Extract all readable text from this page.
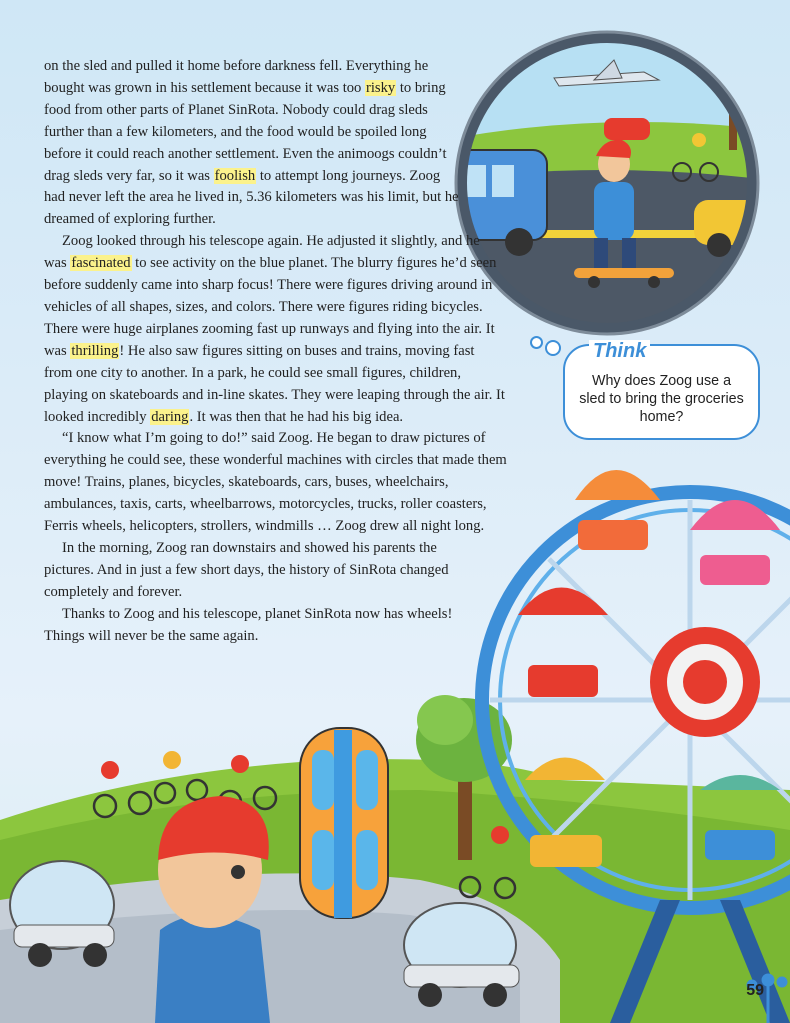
on the sled and pulled it home before darkness fell. Everything he bought was grown in his settlement because it was too risky to bring food from other parts of Planet SinRota. Nobody could drag sleds further than a few kilometers, and the food would be spoiled long before it could reach another settlement. Even the animoogs couldn’t drag sleds very far, so it was foolish to attempt long journeys. Zoog had never left the area he lived in, 5.36 kilometers was his limit, but he dreamed of exploring further.

Zoog looked through his telescope again. He adjusted it slightly, and he was fascinated to see activity on the blue planet. The blurry figures he’d seen before suddenly came into sharp focus! There were figures driving around in vehicles of all shapes, sizes, and colors. There were figures riding bicycles. There were huge airplanes zooming fast up runways and flying into the air. It was thrilling! He also saw figures sitting on buses and trains, moving fast from one city to another. In a park, he could see small figures, children, playing on skateboards and in-line skates. They were leaping through the air. It looked incredibly daring. It was then that he had his big idea.

“I know what I’m going to do!” said Zoog. He began to draw pictures of everything he could see, these wonderful machines with circles that made them move! Trains, planes, bicycles, skateboards, cars, buses, wheelchairs, ambulances, taxis, carts, wheelbarrows, motorcycles, trucks, roller coasters, Ferris wheels, helicopters, strollers, windmills … Zoog drew all night long.

In the morning, Zoog ran downstairs and showed his parents the pictures. And in just a few short days, the history of SinRota changed completely and forever.

Thanks to Zoog and his telescope, planet SinRota now has wheels! Things will never be the same again.

Think
Why does Zoog use a sled to bring the groceries home?
59
